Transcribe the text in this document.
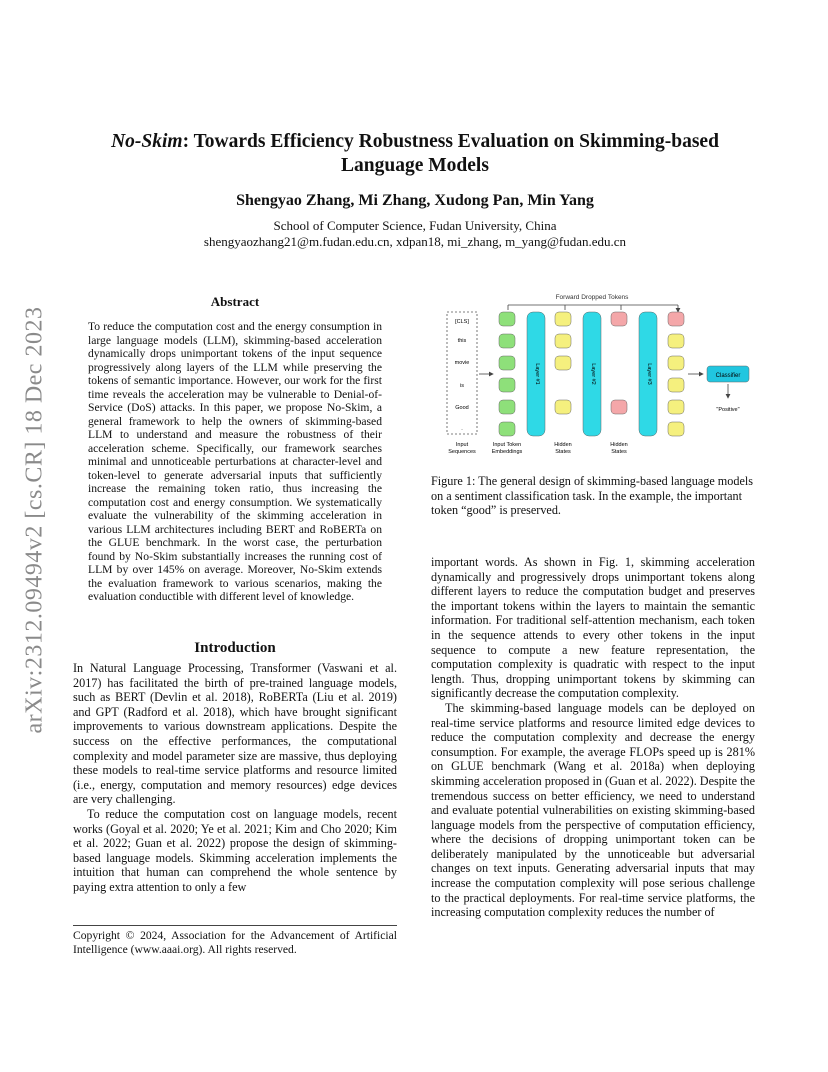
arXiv:2312.09494v2 [cs.CR] 18 Dec 2023
No-Skim: Towards Efficiency Robustness Evaluation on Skimming-based Language Models
Shengyao Zhang, Mi Zhang, Xudong Pan, Min Yang
School of Computer Science, Fudan University, China
shengyaozhang21@m.fudan.edu.cn, xdpan18, mi_zhang, m_yang@fudan.edu.cn
Abstract

To reduce the computation cost and the energy consumption in large language models (LLM), skimming-based acceleration dynamically drops unimportant tokens of the input sequence progressively along layers of the LLM while preserving the tokens of semantic importance. However, our work for the first time reveals the acceleration may be vulnerable to Denial-of-Service (DoS) attacks. In this paper, we propose No-Skim, a general framework to help the owners of skimming-based LLM to understand and measure the robustness of their acceleration scheme. Specifically, our framework searches minimal and unnoticeable perturbations at character-level and token-level to generate adversarial inputs that sufficiently increase the remaining token ratio, thus increasing the computation cost and energy consumption. We systematically evaluate the vulnerability of the skimming acceleration in various LLM architectures including BERT and RoBERTa on the GLUE benchmark. In the worst case, the perturbation found by No-Skim substantially increases the running cost of LLM by over 145% on average. Moreover, No-Skim extends the evaluation framework to various scenarios, making the evaluation conductible with different level of knowledge.

Introduction

In Natural Language Processing, Transformer (Vaswani et al. 2017) has facilitated the birth of pre-trained language models, such as BERT (Devlin et al. 2018), RoBERTa (Liu et al. 2019) and GPT (Radford et al. 2018), which have brought significant improvements to various downstream applications. Despite the success on the effective performances, the computational complexity and model parameter size are massive, thus deploying these models to real-time service platforms and resource limited (i.e., energy, computation and memory resources) edge devices are very challenging.

To reduce the computation cost on language models, recent works (Goyal et al. 2020; Ye et al. 2021; Kim and Cho 2020; Kim et al. 2022; Guan et al. 2022) propose the design of skimming-based language models. Skimming acceleration implements the intuition that human can comprehend the whole sentence by paying extra attention to only a few

Copyright © 2024, Association for the Advancement of Artificial Intelligence (www.aaai.org). All rights reserved.
Forward Dropped Tokens
[CLS]
this
movie
is
Good
.
Layer #1	Layer #2	Layer #3	Classifier
"Positive"
Input Sequences
Input Token Embeddings
Hidden States
Hidden States
Figure 1: The general design of skimming-based language models on a sentiment classification task. In the example, the important token “good” is preserved.

important words. As shown in Fig. 1, skimming acceleration dynamically and progressively drops unimportant tokens along different layers to reduce the computation budget and preserves the important tokens within the layers to maintain the semantic information. For traditional self-attention mechanism, each token in the sequence attends to every other tokens in the input sequence to compute a new feature representation, the computation complexity is quadratic with respect to the input length. Thus, dropping unimportant tokens by skimming can significantly decrease the computation complexity.

The skimming-based language models can be deployed on real-time service platforms and resource limited edge devices to reduce the computation complexity and decrease the energy consumption. For example, the average FLOPs speed up is 281% on GLUE benchmark (Wang et al. 2018a) when deploying skimming acceleration proposed in (Guan et al. 2022). Despite the tremendous success on better efficiency, we need to understand and evaluate potential vulnerabilities on existing skimming-based language models from the perspective of computation efficiency, where the decisions of dropping unimportant token can be deliberately manipulated by the unnoticeable but adversarial changes on text inputs. Generating adversarial inputs that may increase the computation complexity will pose serious challenge to the practical deployments. For real-time service platforms, the increasing computation complexity reduces the number of
